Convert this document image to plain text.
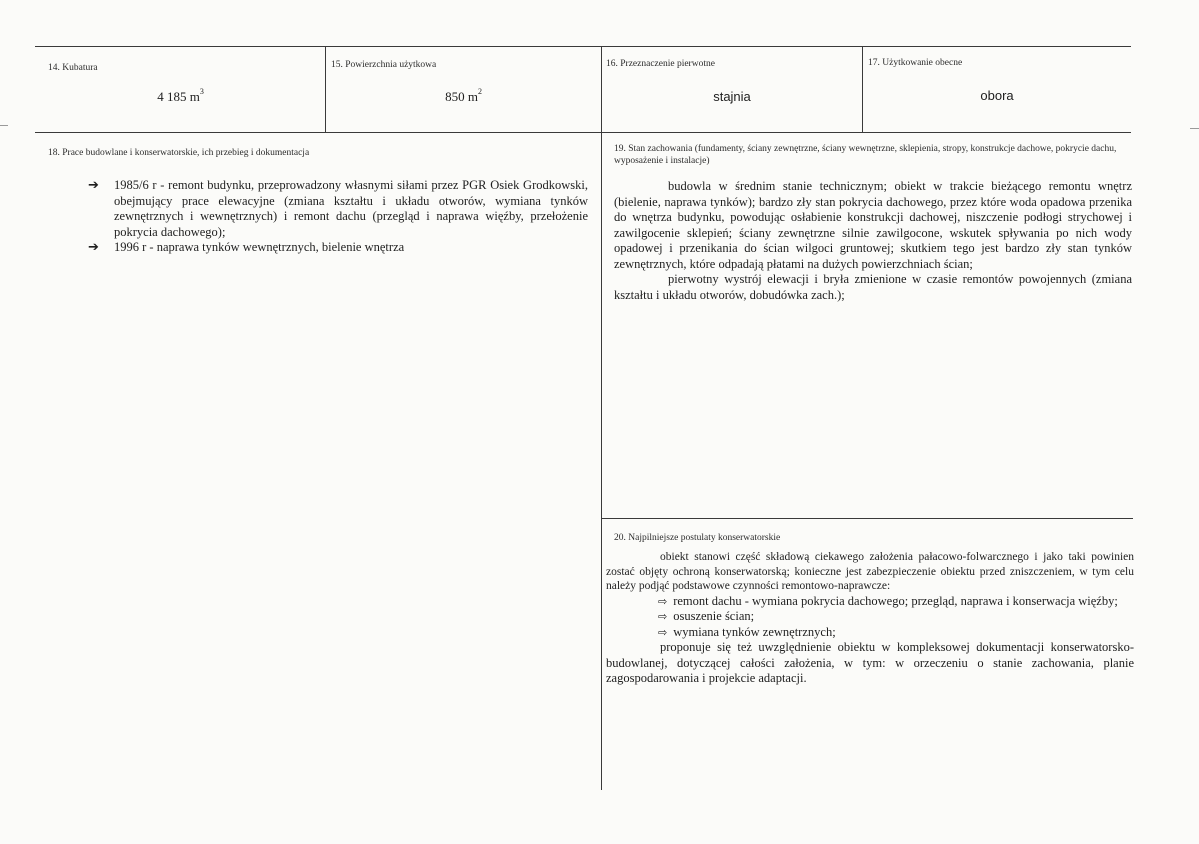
14. Kubatura
4 185 $m^3$
15. Powierzchnia użytkowa
850 $m^2$
16. Przeznaczenie pierwotne
stajnia
17. Użytkowanie obecne
obora
18. Prace budowlane i konserwatorskie, ich przebieg i dokumentacja
➔	1985/6 r - remont budynku, przeprowadzony własnymi siłami przez PGR Osiek Grodkowski, obejmujący prace elewacyjne (zmiana kształtu i układu otworów, wymiana tynków zewnętrznych i wewnętrznych) i remont dachu (przegląd i naprawa więźby, przełożenie pokrycia dachowego);
➔	1996 r - naprawa tynków wewnętrznych, bielenie wnętrza
19. Stan zachowania (fundamenty, ściany zewnętrzne, ściany wewnętrzne, sklepienia, stropy, konstrukcje dachowe, pokrycie dachu, wyposażenie i instalacje)

budowla w średnim stanie technicznym; obiekt w trakcie bieżącego remontu wnętrz (bielenie, naprawa tynków); bardzo zły stan pokrycia dachowego, przez które woda opadowa przenika do wnętrza budynku, powodując osłabienie konstrukcji dachowej, niszczenie podłogi strychowej i zawilgocenie sklepień; ściany zewnętrzne silnie zawilgocone, wskutek spływania po nich wody opadowej i przenikania do ścian wilgoci gruntowej; skutkiem tego jest bardzo zły stan tynków zewnętrznych, które odpadają płatami na dużych powierzchniach ścian;

pierwotny wystrój elewacji i bryła zmienione w czasie remontów powojennych (zmiana kształtu i układu otworów, dobudówka zach.);

20. Najpilniejsze postulaty konserwatorskie

obiekt stanowi część składową ciekawego założenia pałacowo-folwarcznego i jako taki powinien zostać objęty ochroną konserwatorską; konieczne jest zabezpieczenie obiektu przed zniszczeniem, w tym celu należy podjąć podstawowe czynności remontowo-naprawcze:

⇨ remont dachu - wymiana pokrycia dachowego; przegląd, naprawa i konserwacja więźby;
⇨ osuszenie ścian;
⇨ wymiana tynków zewnętrznych;

proponuje się też uwzględnienie obiektu w kompleksowej dokumentacji konserwatorsko-budowlanej, dotyczącej całości założenia, w tym: w orzeczeniu o stanie zachowania, planie zagospodarowania i projekcie adaptacji.
